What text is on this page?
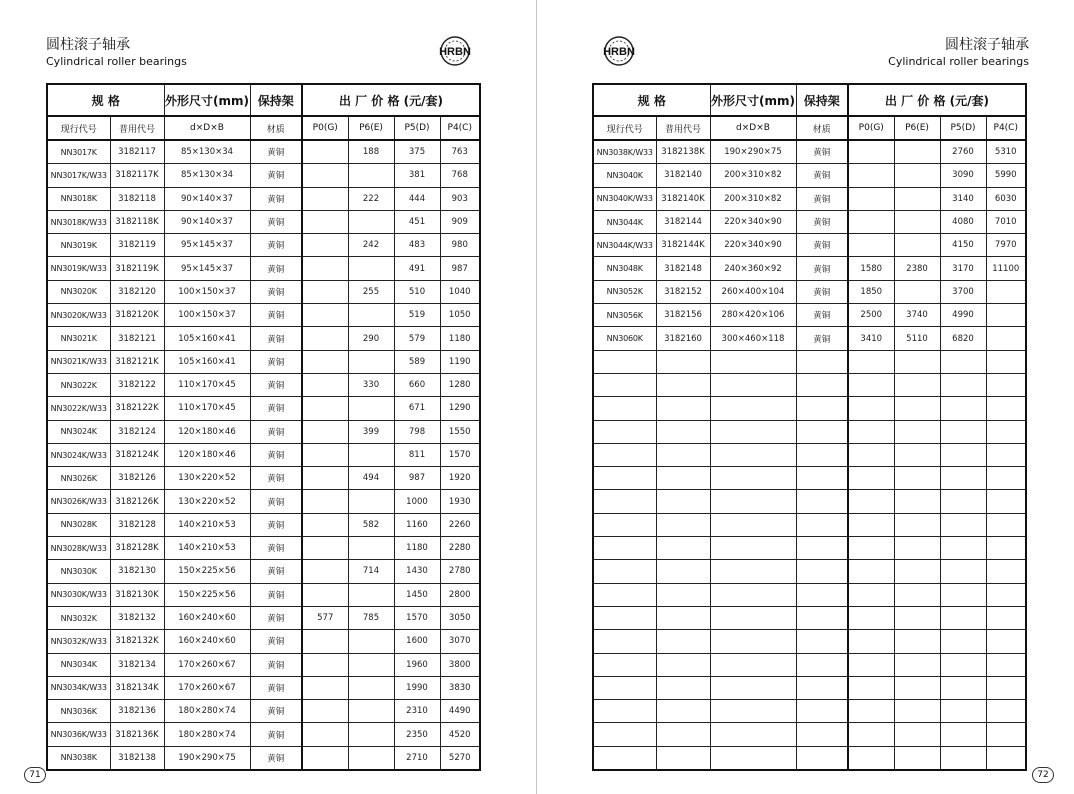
圆柱滚子轴承
Cylindrical roller bearings
HRBN
规 格		外形尺寸(mm)	保持架	出 厂 价 格 (元/套)			
现行代号	普用代号	d×D×B	材质	P0(G)	P6(E)	P5(D)	P4(C)
NN3017K	3182117	85×130×34	黄铜		188	375	763
NN3017K/W33	3182117K	85×130×34	黄铜			381	768
NN3018K	3182118	90×140×37	黄铜		222	444	903
NN3018K/W33	3182118K	90×140×37	黄铜			451	909
NN3019K	3182119	95×145×37	黄铜		242	483	980
NN3019K/W33	3182119K	95×145×37	黄铜			491	987
NN3020K	3182120	100×150×37	黄铜		255	510	1040
NN3020K/W33	3182120K	100×150×37	黄铜			519	1050
NN3021K	3182121	105×160×41	黄铜		290	579	1180
NN3021K/W33	3182121K	105×160×41	黄铜			589	1190
NN3022K	3182122	110×170×45	黄铜		330	660	1280
NN3022K/W33	3182122K	110×170×45	黄铜			671	1290
NN3024K	3182124	120×180×46	黄铜		399	798	1550
NN3024K/W33	3182124K	120×180×46	黄铜			811	1570
NN3026K	3182126	130×220×52	黄铜		494	987	1920
NN3026K/W33	3182126K	130×220×52	黄铜			1000	1930
NN3028K	3182128	140×210×53	黄铜		582	1160	2260
NN3028K/W33	3182128K	140×210×53	黄铜			1180	2280
NN3030K	3182130	150×225×56	黄铜		714	1430	2780
NN3030K/W33	3182130K	150×225×56	黄铜			1450	2800
NN3032K	3182132	160×240×60	黄铜	577	785	1570	3050
NN3032K/W33	3182132K	160×240×60	黄铜			1600	3070
NN3034K	3182134	170×260×67	黄铜			1960	3800
NN3034K/W33	3182134K	170×260×67	黄铜			1990	3830
NN3036K	3182136	180×280×74	黄铜			2310	4490
NN3036K/W33	3182136K	180×280×74	黄铜			2350	4520
NN3038K	3182138	190×290×75	黄铜			2710	5270
71
HRBN	圆柱滚子轴承
Cylindrical roller bearings
规 格		外形尺寸(mm)	保持架	出 厂 价 格 (元/套)			
现行代号	普用代号	d×D×B	材质	P0(G)	P6(E)	P5(D)	P4(C)
NN3038K/W33	3182138K	190×290×75	黄铜			2760	5310
NN3040K	3182140	200×310×82	黄铜			3090	5990
NN3040K/W33	3182140K	200×310×82	黄铜			3140	6030
NN3044K	3182144	220×340×90	黄铜			4080	7010
NN3044K/W33	3182144K	220×340×90	黄铜			4150	7970
NN3048K	3182148	240×360×92	黄铜	1580	2380	3170	11100
NN3052K	3182152	260×400×104	黄铜	1850		3700	
NN3056K	3182156	280×420×106	黄铜	2500	3740	4990	
NN3060K	3182160	300×460×118	黄铜	3410	5110	6820	

72
